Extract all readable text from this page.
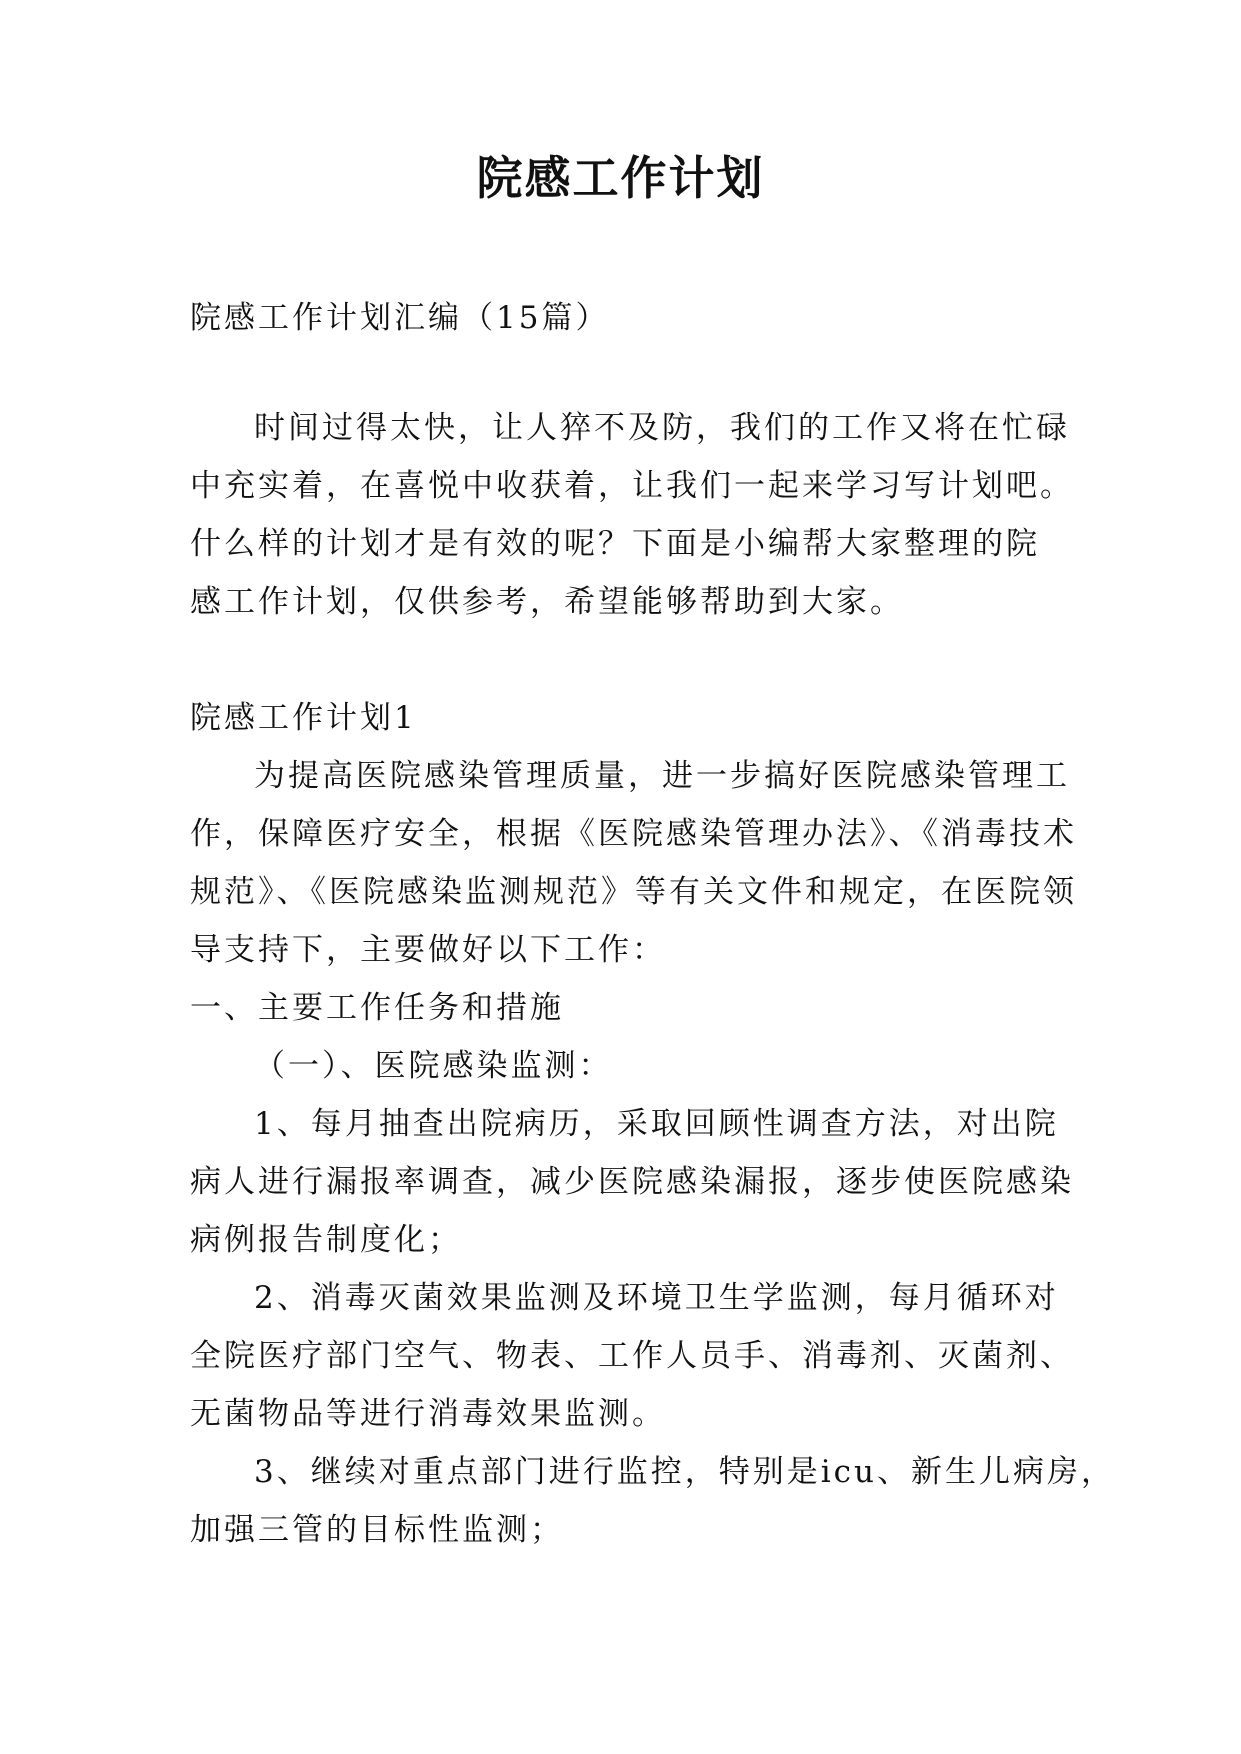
院感工作计划
院感工作计划汇编（15篇）
时间过得太快，让人猝不及防，我们的工作又将在忙碌
中充实着，在喜悦中收获着，让我们一起来学习写计划吧。
什么样的计划才是有效的呢？下面是小编帮大家整理的院
感工作计划，仅供参考，希望能够帮助到大家。
院感工作计划1
为提高医院感染管理质量，进一步搞好医院感染管理工
作，保障医疗安全，根据《医院感染管理办法》、《消毒技术
规范》、《医院感染监测规范》等有关文件和规定，在医院领
导支持下，主要做好以下工作：
一、主要工作任务和措施
（一）、医院感染监测：
1、每月抽查出院病历，采取回顾性调查方法，对出院
病人进行漏报率调查，减少医院感染漏报，逐步使医院感染
病例报告制度化；
2、消毒灭菌效果监测及环境卫生学监测，每月循环对
全院医疗部门空气、物表、工作人员手、消毒剂、灭菌剂、
无菌物品等进行消毒效果监测。
3、继续对重点部门进行监控，特别是icu、新生儿病房，
加强三管的目标性监测；
